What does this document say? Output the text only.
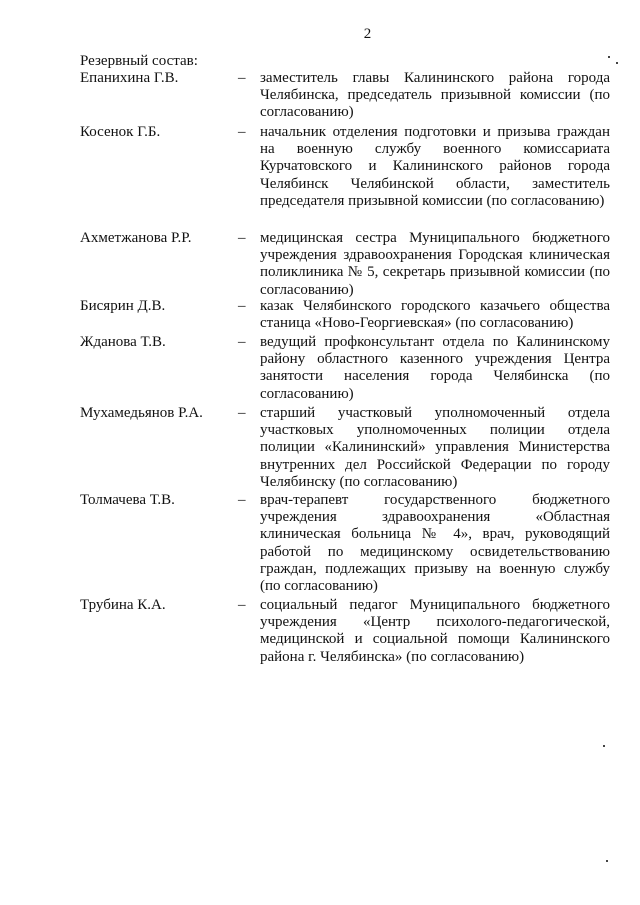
2
Резервный состав:
Епанихина Г.В.	– заместитель главы Калининского района города Челябинска, председатель призывной комиссии (по согласованию)
Косенок Г.Б.	– начальник отделения подготовки и призыва граждан на военную службу военного комиссариата Курчатовского и Калининского районов города Челябинск Челябинской области, заместитель председателя призывной комиссии (по согласованию)
Ахметжанова Р.Р.	– медицинская сестра Муниципального бюджетного учреждения здравоохранения Городская клиническая поликлиника № 5, секретарь призывной комиссии (по согласованию)
Бисярин Д.В.	– казак Челябинского городского казачьего общества станица «Ново-Георгиевская» (по согласованию)
Жданова Т.В.	– ведущий профконсультант отдела по Калининскому району областного казенного учреждения Центра занятости населения города Челябинска (по согласованию)
Мухамедьянов Р.А. – старший участковый уполномоченный отдела участковых уполномоченных полиции отдела полиции «Калининский» управления Министерства внутренних дел Российской Федерации по городу Челябинску (по согласованию)
Толмачева Т.В.	– врач-терапевт государственного бюджетного учреждения здравоохранения «Областная клиническая больница № 4», врач, руководящий работой по медицинскому освидетельствованию граждан, подлежащих призыву на военную службу (по согласованию)
Трубина К.А.	– социальный педагог Муниципального бюджетного учреждения «Центр психолого-педагогической, медицинской и социальной помощи Калининского района г. Челябинска» (по согласованию)
